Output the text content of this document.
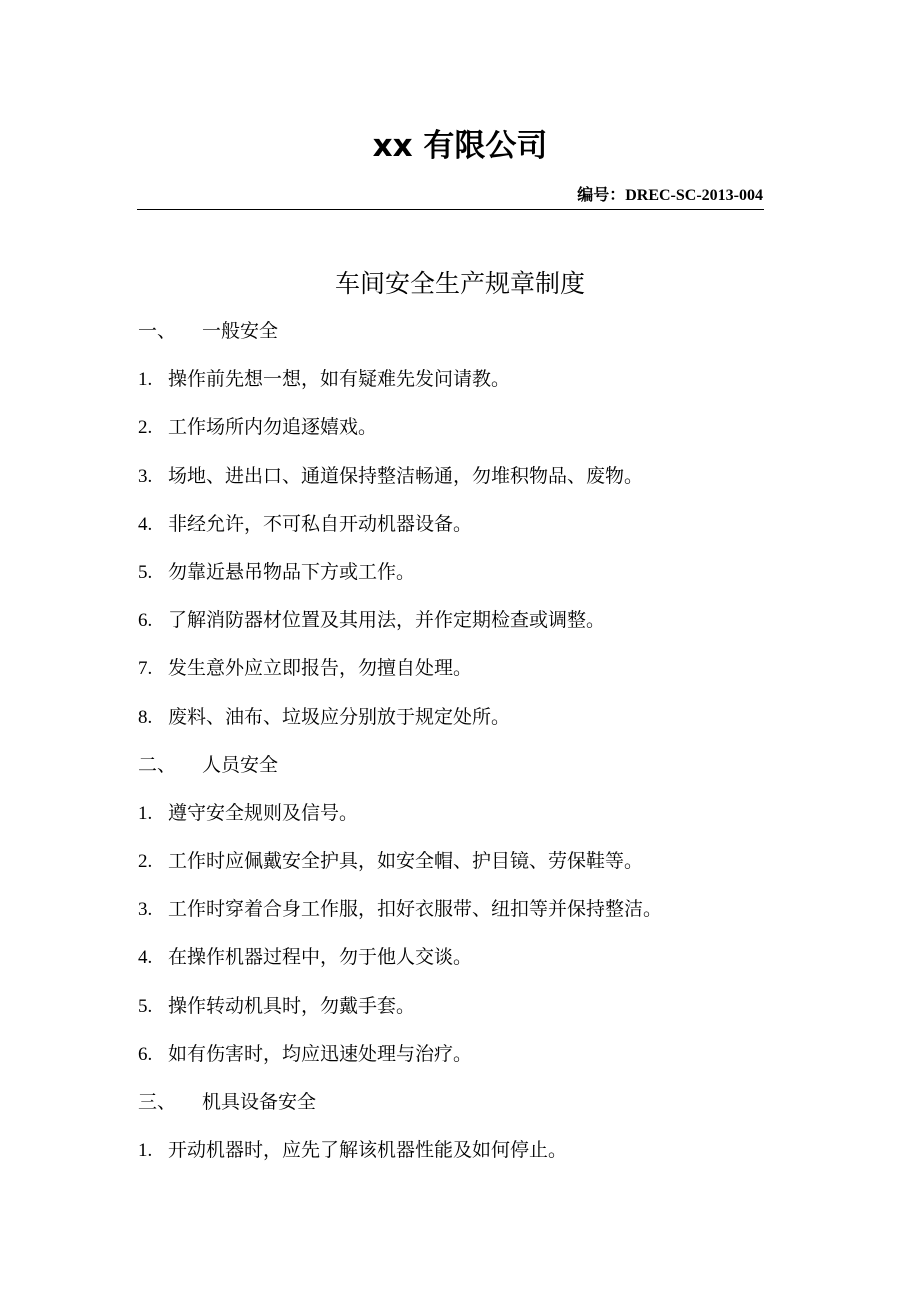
xx 有限公司
编号：DREC-SC-2013-004
车间安全生产规章制度
一、 一般安全
1. 操作前先想一想，如有疑难先发问请教。
2. 工作场所内勿追逐嬉戏。
3. 场地、进出口、通道保持整洁畅通，勿堆积物品、废物。
4. 非经允许，不可私自开动机器设备。
5. 勿靠近悬吊物品下方或工作。
6. 了解消防器材位置及其用法，并作定期检查或调整。
7. 发生意外应立即报告，勿擅自处理。
8. 废料、油布、垃圾应分别放于规定处所。
二、 人员安全
1. 遵守安全规则及信号。
2. 工作时应佩戴安全护具，如安全帽、护目镜、劳保鞋等。
3. 工作时穿着合身工作服，扣好衣服带、纽扣等并保持整洁。
4. 在操作机器过程中，勿于他人交谈。
5. 操作转动机具时，勿戴手套。
6. 如有伤害时，均应迅速处理与治疗。
三、 机具设备安全
1. 开动机器时，应先了解该机器性能及如何停止。
